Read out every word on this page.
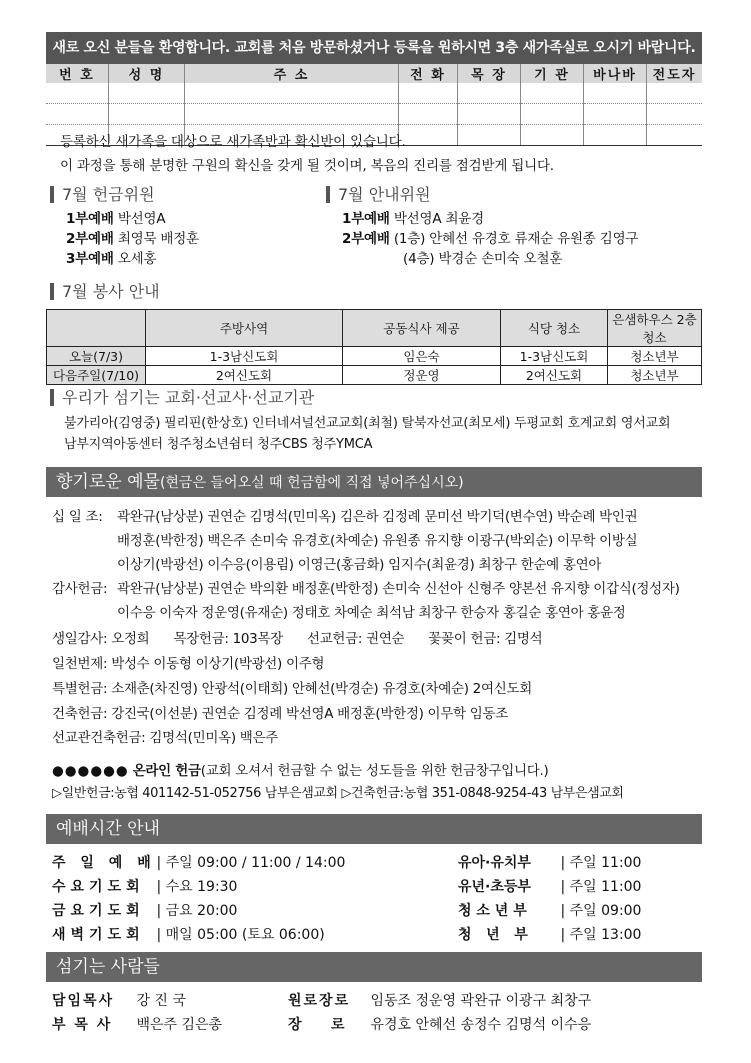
새로 오신 분들을 환영합니다. 교회를 처음 방문하셨거나 등록을 원하시면 3층 새가족실로 오시기 바랍니다.
번 호	성 명	주 소	전 화	목 장	기 관	바나바	전도자

등록하신 새가족을 대상으로 새가족반과 확신반이 있습니다.
이 과정을 통해 분명한 구원의 확신을 갖게 될 것이며, 복음의 진리를 점검받게 됩니다.
7월 헌금위원
1부예배 박선영A
2부예배 최영묵 배정훈
3부예배 오세홍
7월 안내위원
1부예배 박선영A 최윤경
2부예배 (1층) 안혜선 유경호 류재순 유원종 김영구
(4층) 박경순 손미숙 오철훈
7월 봉사 안내
	주방사역	공동식사 제공	식당 청소	은샘하우스 2층 청소
오늘(7/3)	1-3남신도회	임은숙	1-3남신도회	청소년부
다음주일(7/10)	2여신도회	정운영	2여신도회	청소년부
우리가 섬기는 교회·선교사·선교기관
불가리아(김영중) 필리핀(한상호) 인터네셔널선교교회(최철) 탈북자선교(최모세) 두평교회 호계교회 영서교회
남부지역아동센터 청주청소년쉼터 청주CBS 청주YMCA
향기로운 예물(현금은 들어오실 때 헌금함에 직접 넣어주십시오)
십 일 조: 곽완규(남상분) 권연순 김명석(민미옥) 김은하 김정례 문미선 박기덕(변수연) 박순례 박인권
배정훈(박한정) 백은주 손미숙 유경호(차예순) 유원종 유지향 이광구(박외순) 이무학 이방실
이상기(박광선) 이수응(이용림) 이영근(홍금화) 임지수(최윤경) 최창구 한순예 홍연아
감사헌금: 곽완규(남상분) 권연순 박의환 배정훈(박한정) 손미숙 신선아 신형주 양본선 유지향 이갑식(정성자)
이수응 이숙자 정운영(유재순) 정태호 차예순 최석남 최창구 한승자 홍길순 홍연아 홍윤정
생일감사: 오정희      목장헌금: 103목장      선교헌금: 권연순      꽃꽂이 헌금: 김명석
일천번제: 박성수 이동형 이상기(박광선) 이주형
특별헌금: 소재춘(차진영) 안광석(이태희) 안혜선(박경순) 유경호(차예순) 2여신도회
건축헌금: 강진국(이선분) 권연순 김정례 박선영A 배정훈(박한정) 이무학 임동조
선교관건축헌금: 김명석(민미옥) 백은주
●●●●●● 온라인 헌금(교회 오셔서 헌금할 수 없는 성도들을 위한 헌금창구입니다.)
▷일반헌금:농협 401142-51-052756 남부은샘교회 ▷건축헌금:농협 351-0848-9254-43 남부은샘교회
예배시간 안내
주 일 예 배 | 주일 09:00 / 11:00 / 14:00
수요기도회 | 수요 19:30
금요기도회 | 금요 20:00
새벽기도회 | 매일 05:00 (토요 06:00)
유아·유치부 | 주일 11:00
유년·초등부 | 주일 11:00
청 소 년 부 | 주일 09:00
청   년   부 | 주일 13:00
섬기는 사람들
담임목사 강 진 국
부 목 사 백은주 김은총
원로장로 임동조 정운영 곽완규 이광구 최창구
장    로 유경호 안혜선 송정수 김명석 이수응
